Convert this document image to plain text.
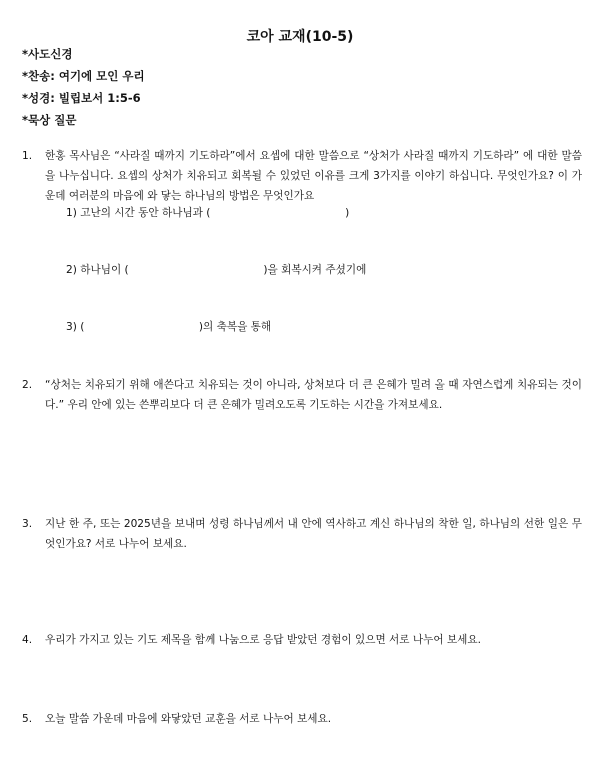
코아 교재(10-5)
*사도신경
*찬송: 여기에 모인 우리
*성경: 빌립보서 1:5-6
*묵상 질문
1. 한홍 목사님은 “사라질 때까지 기도하라”에서 요셉에 대한 말씀으로 “상처가 사라질 때까지 기도하라” 에 대한 말씀을 나누십니다. 요셉의 상처가 치유되고 회복될 수 있었던 이유를 크게 3가지를 이야기 하십니다. 무엇인가요? 이 가운데 여러분의 마음에 와 닿는 하나님의 방법은 무엇인가요
1) 고난의 시간 동안 하나님과 (                                        )
2) 하나님이 (                                        )을 회복시켜 주셨기에
3) (                                  )의 축복을 통해
2. “상처는 치유되기 위해 애쓴다고 치유되는 것이 아니라, 상처보다 더 큰 은혜가 밀려 올 때 자연스럽게 치유되는 것이다.” 우리 안에 있는 쓴뿌리보다 더 큰 은혜가 밀려오도록 기도하는 시간을 가져보세요.
3. 지난 한 주, 또는 2025년을 보내며 성령 하나님께서 내 안에 역사하고 계신 하나님의 착한 일, 하나님의 선한 일은 무엇인가요? 서로 나누어 보세요.
4. 우리가 가지고 있는 기도 제목을 함께 나눔으로 응답 받았던 경험이 있으면 서로 나누어 보세요.
5. 오늘 말씀 가운데 마음에 와닿았던 교훈을 서로 나누어 보세요.
